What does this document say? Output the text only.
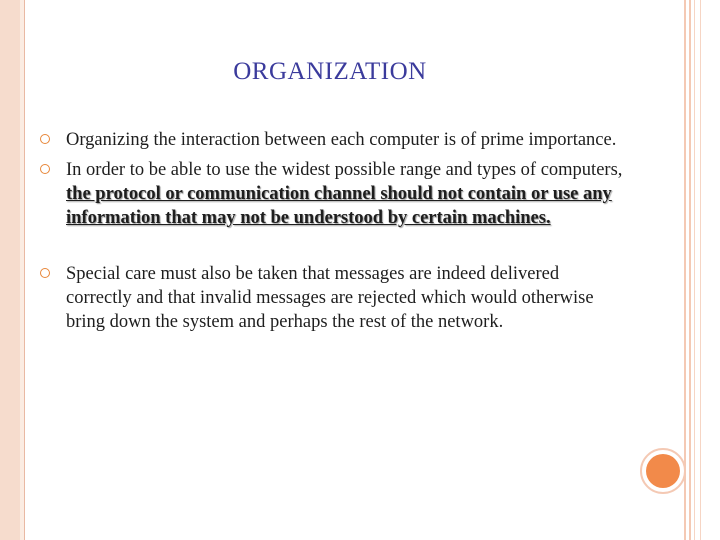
ORGANIZATION
Organizing the interaction between each computer is of prime importance.
In order to be able to use the widest possible range and types of computers, the protocol or communication channel should not contain or use any information that may not be understood by certain machines.
Special care must also be taken that messages are indeed delivered correctly and that invalid messages are rejected which would otherwise bring down the system and perhaps the rest of the network.
